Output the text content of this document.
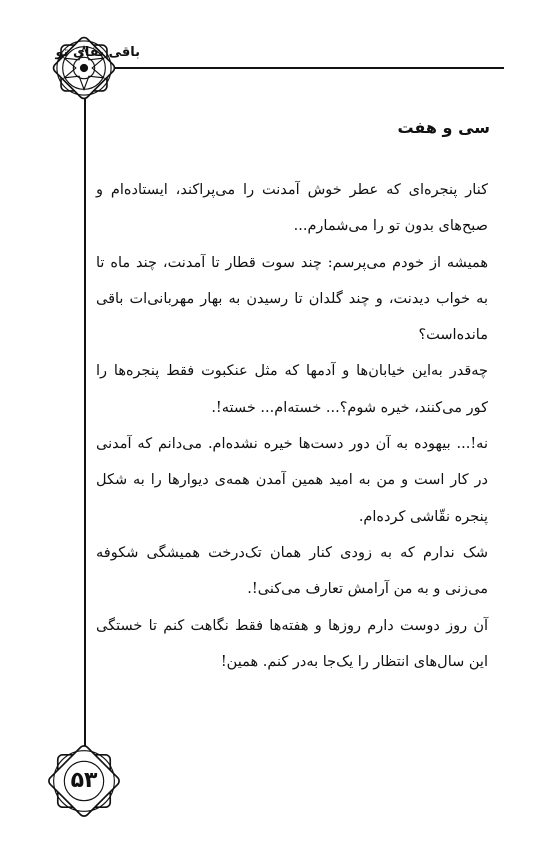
باقی بقای تو
سی و هفت

کنار پنجره‌ای که عطر خوش آمدنت را می‌پراکند، ایستاده‌ام و صبح‌های بدون تو را می‌شمارم...

همیشه از خودم می‌پرسم: چند سوت قطار تا آمدنت، چند ماه تا به خواب دیدنت، و چند گلدان تا رسیدن به بهار مهربانی‌ات باقی مانده‌است؟

چه‌قدر به‌این خیابان‌ها و آدمها که مثل عنکبوت فقط پنجره‌ها را کور می‌کنند، خیره شوم؟... خسته‌ام... خسته!.

نه!... بیهوده به آن دور دست‌ها خیره نشده‌ام. می‌دانم که آمدنی در کار است و من به امید همین آمدن همه‌ی دیوارها را به شکل پنجره نقّاشی کرده‌ام.

شک ندارم که به زودی کنار همان تک‌درخت همیشگی شکوفه می‌زنی و به من آرامش تعارف می‌کنی!.

آن روز دوست دارم روزها و هفته‌ها فقط نگاهت کنم تا خستگی این سال‌های انتظار را یک‌جا به‌در کنم. همین!

۵۳
